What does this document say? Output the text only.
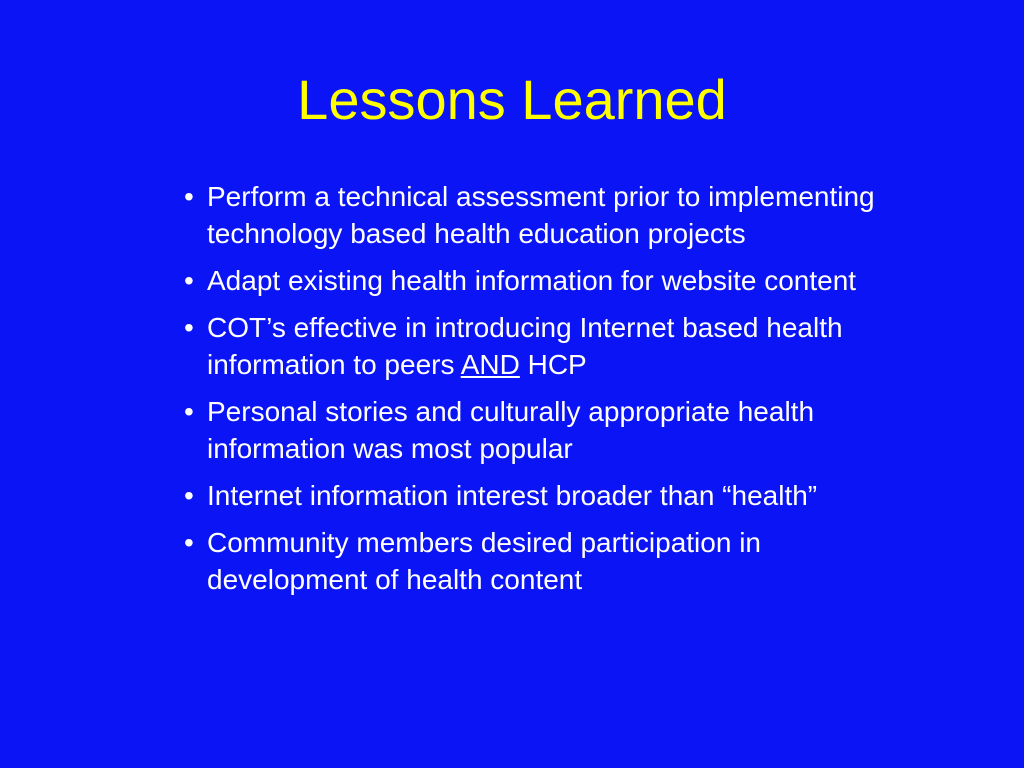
Lessons Learned
• Perform a technical assessment prior to implementing technology based health education projects
• Adapt existing health information for website content
• COT’s effective in introducing Internet based health information to peers AND HCP
• Personal stories and culturally appropriate health information was most popular
• Internet information interest broader than “health”
• Community members desired participation in development of health content
